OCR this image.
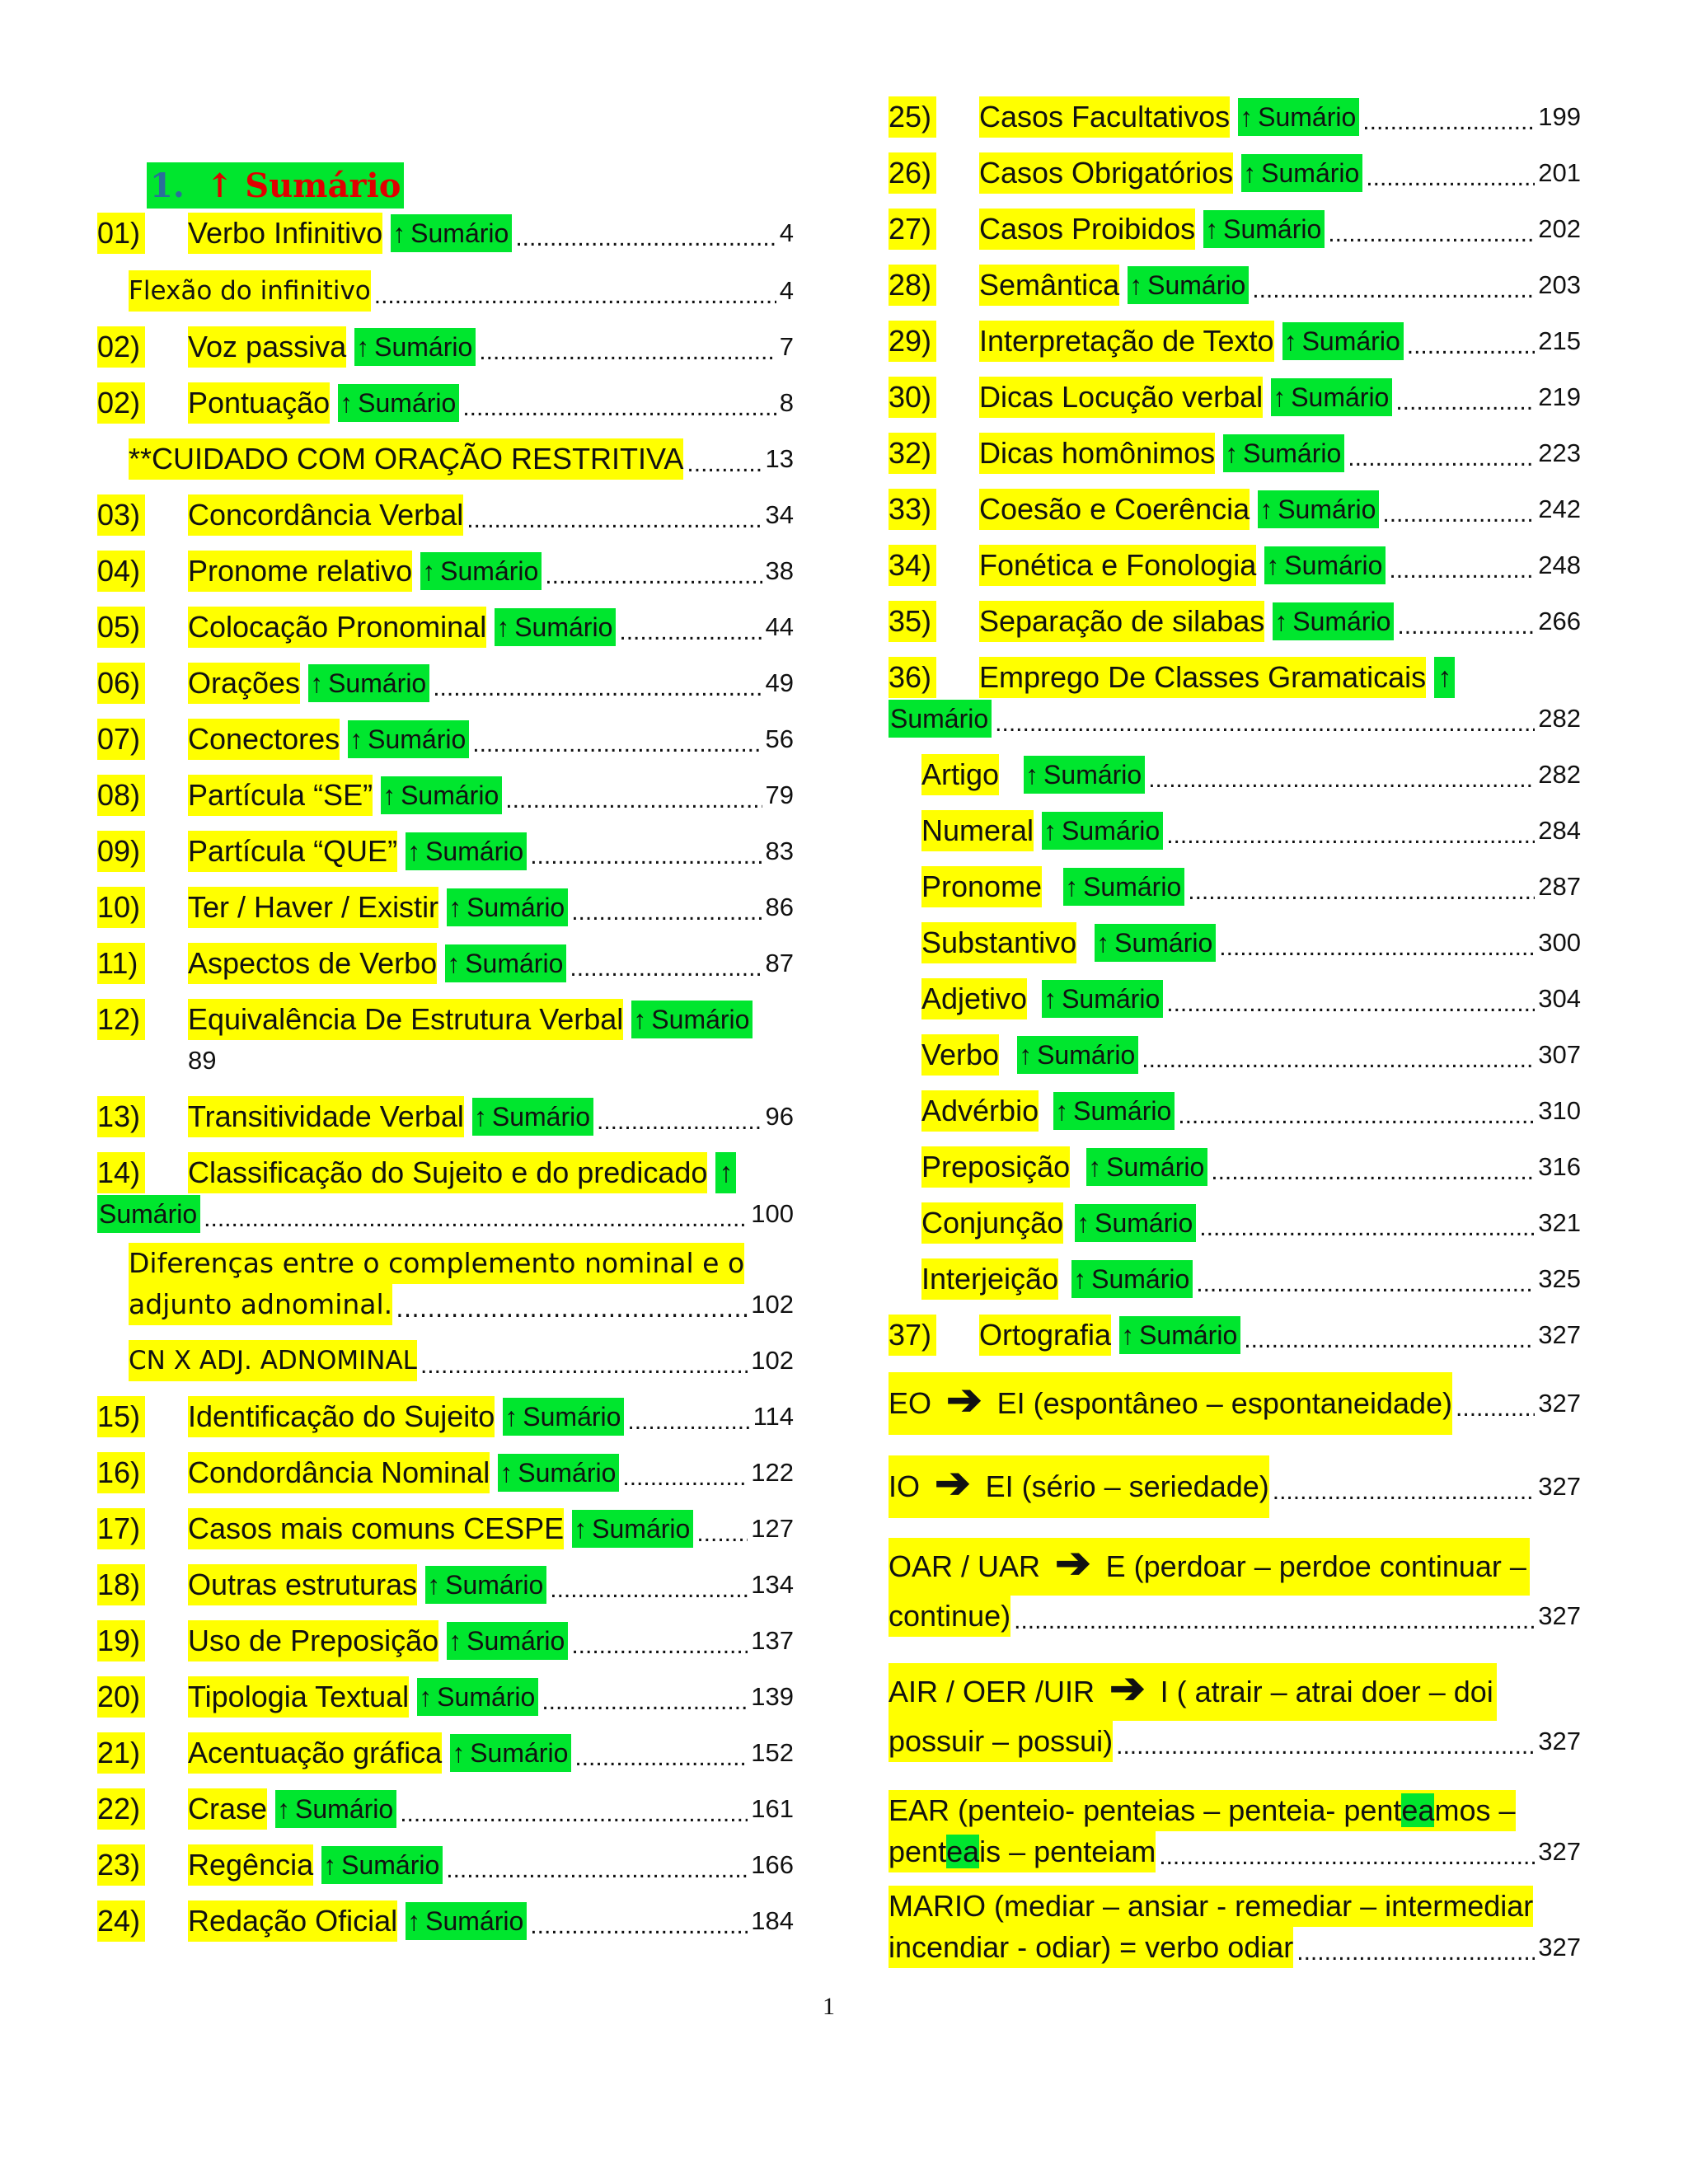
1. ↑ Sumário
01) Verbo Infinitivo ↑ Sumário .....	4
Flexão do infinitivo .....	4
02) Voz passiva ↑ Sumário .....	7
02) Pontuação ↑ Sumário .....	8
**CUIDADO COM ORAÇÃO RESTRITIVA .....	13
03) Concordância Verbal .....	34
04) Pronome relativo ↑ Sumário .....	38
05) Colocação Pronominal ↑ Sumário .....	44
06) Orações ↑ Sumário .....	49
07) Conectores ↑ Sumário .....	56
08) Partícula “SE” ↑ Sumário .....	79
09) Partícula “QUE” ↑ Sumário .....	83
10) Ter / Haver / Existir ↑ Sumário .....	86
11) Aspectos de Verbo ↑ Sumário .....	87
12) Equivalência De Estrutura Verbal ↑ Sumário
89
13) Transitividade Verbal ↑ Sumário .....	96
14) Classificação do Sujeito e do predicado ↑
Sumário .....	100
Diferenças entre o complemento nominal e o
adjunto adnominal. .....	102
CN X ADJ. ADNOMINAL .....	102
15) Identificação do Sujeito ↑ Sumário .....	114
16) Condordância Nominal ↑ Sumário .....	122
17) Casos mais comuns CESPE ↑ Sumário ..... 127
18) Outras estruturas ↑ Sumário .....	134
19) Uso de Preposição ↑ Sumário .....	137
20) Tipologia Textual ↑ Sumário .....	139
21) Acentuação gráfica ↑ Sumário .....	152
22) Crase ↑ Sumário .....	161
23) Regência ↑ Sumário .....	166
24) Redação Oficial ↑ Sumário .....	184
25) Casos Facultativos ↑ Sumário .....	199
26) Casos Obrigatórios ↑ Sumário .....	201
27) Casos Proibidos ↑ Sumário .....	202
28) Semântica ↑ Sumário .....	203
29) Interpretação de Texto ↑ Sumário .....	215
30) Dicas Locução verbal ↑ Sumário .....	219
32) Dicas homônimos ↑ Sumário .....	223
33) Coesão e Coerência ↑ Sumário .....	242
34) Fonética e Fonologia ↑ Sumário .....	248
35) Separação de silabas ↑ Sumário .....	266
36) Emprego De Classes Gramaticais ↑
Sumário .....	282
Artigo ↑ Sumário .....	282
Numeral ↑ Sumário .....	284
Pronome ↑ Sumário .....	287
Substantivo ↑ Sumário .....	300
Adjetivo ↑ Sumário .....	304
Verbo ↑ Sumário .....	307
Advérbio ↑ Sumário .....	310
Preposição ↑ Sumário .....	316
Conjunção ↑ Sumário .....	321
Interjeição ↑ Sumário .....	325
37) Ortografia ↑ Sumário .....	327
EO ➔ EI (espontâneo – espontaneidade) .....	327
IO ➔ EI (sério – seriedade) .....	327
OAR / UAR ➔ E (perdoar – perdoe continuar –
continue) .....	327
AIR / OER /UIR ➔ I ( atrair – atrai doer – doi
possuir – possui) .....	327
EAR (penteio- penteias – penteia- penteamos –
penteais – penteiam .....	327
MARIO (mediar – ansiar - remediar – intermediar
incendiar - odiar) = verbo odiar .....	327
1
